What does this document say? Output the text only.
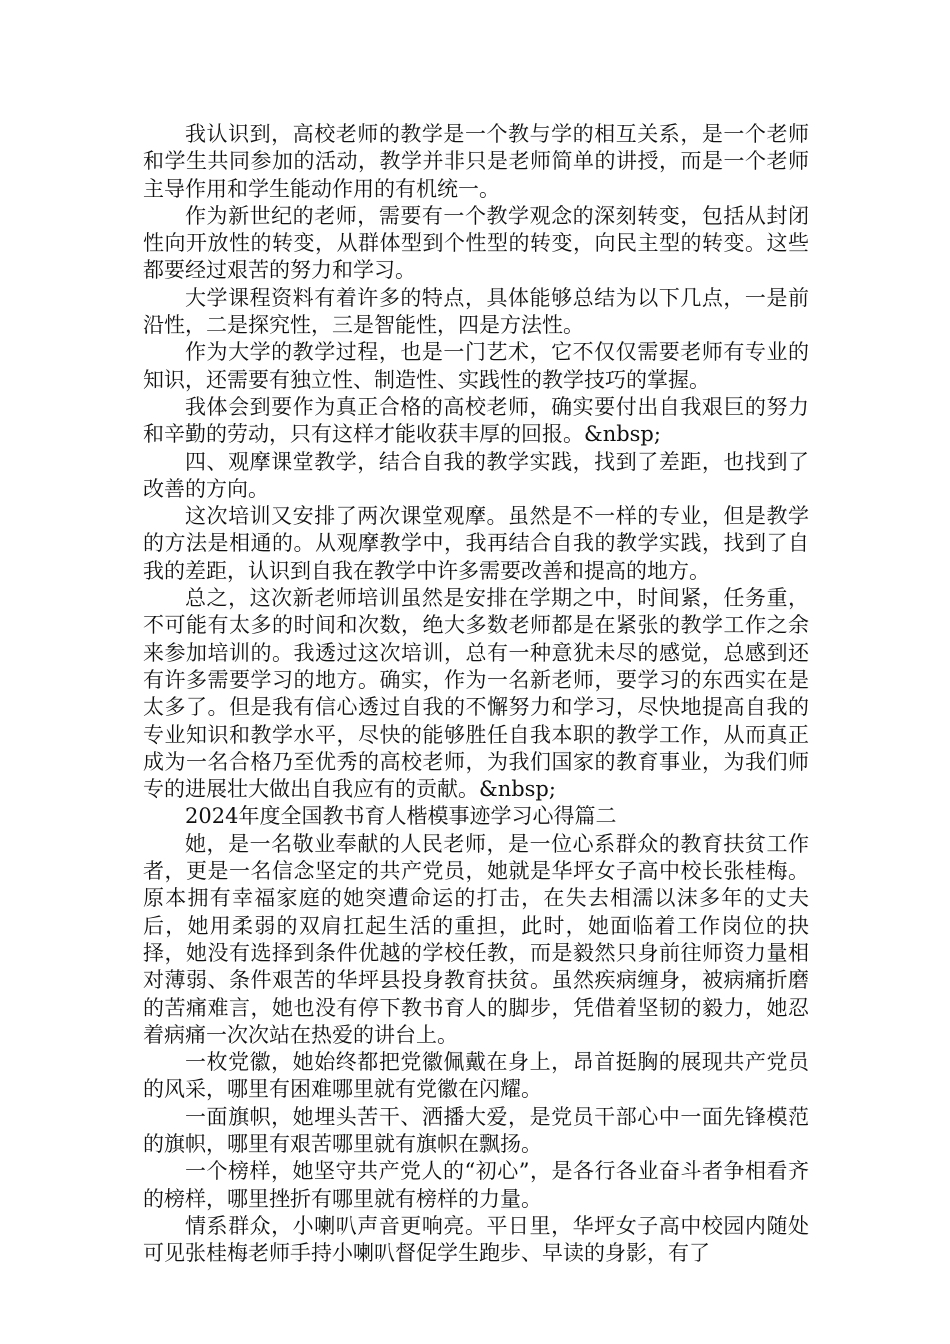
我认识到，高校老师的教学是一个教与学的相互关系，是一个老师和学生共同参加的活动，教学并非只是老师简单的讲授，而是一个老师主导作用和学生能动作用的有机统一。

作为新世纪的老师，需要有一个教学观念的深刻转变，包括从封闭性向开放性的转变，从群体型到个性型的转变，向民主型的转变。这些都要经过艰苦的努力和学习。

大学课程资料有着许多的特点，具体能够总结为以下几点，一是前沿性，二是探究性，三是智能性，四是方法性。

作为大学的教学过程，也是一门艺术，它不仅仅需要老师有专业的知识，还需要有独立性、制造性、实践性的教学技巧的掌握。

我体会到要作为真正合格的高校老师，确实要付出自我艰巨的努力和辛勤的劳动，只有这样才能收获丰厚的回报。&nbsp;

四、观摩课堂教学，结合自我的教学实践，找到了差距，也找到了改善的方向。

这次培训又安排了两次课堂观摩。虽然是不一样的专业，但是教学的方法是相通的。从观摩教学中，我再结合自我的教学实践，找到了自我的差距，认识到自我在教学中许多需要改善和提高的地方。

总之，这次新老师培训虽然是安排在学期之中，时间紧，任务重，不可能有太多的时间和次数，绝大多数老师都是在紧张的教学工作之余来参加培训的。我透过这次培训，总有一种意犹未尽的感觉，总感到还有许多需要学习的地方。确实，作为一名新老师，要学习的东西实在是太多了。但是我有信心透过自我的不懈努力和学习，尽快地提高自我的专业知识和教学水平，尽快的能够胜任自我本职的教学工作，从而真正成为一名合格乃至优秀的高校老师，为我们国家的教育事业，为我们师专的进展壮大做出自我应有的贡献。&nbsp;

2024年度全国教书育人楷模事迹学习心得篇二

她，是一名敬业奉献的人民老师，是一位心系群众的教育扶贫工作者，更是一名信念坚定的共产党员，她就是华坪女子高中校长张桂梅。原本拥有幸福家庭的她突遭命运的打击，在失去相濡以沫多年的丈夫后，她用柔弱的双肩扛起生活的重担，此时，她面临着工作岗位的抉择，她没有选择到条件优越的学校任教，而是毅然只身前往师资力量相对薄弱、条件艰苦的华坪县投身教育扶贫。虽然疾病缠身，被病痛折磨的苦痛难言，她也没有停下教书育人的脚步，凭借着坚韧的毅力，她忍着病痛一次次站在热爱的讲台上。

一枚党徽，她始终都把党徽佩戴在身上，昂首挺胸的展现共产党员的风采，哪里有困难哪里就有党徽在闪耀。

一面旗帜，她埋头苦干、洒播大爱，是党员干部心中一面先锋模范的旗帜，哪里有艰苦哪里就有旗帜在飘扬。

一个榜样，她坚守共产党人的“初心”，是各行各业奋斗者争相看齐的榜样，哪里挫折有哪里就有榜样的力量。

情系群众，小喇叭声音更响亮。平日里，华坪女子高中校园内随处可见张桂梅老师手持小喇叭督促学生跑步、早读的身影，有了
